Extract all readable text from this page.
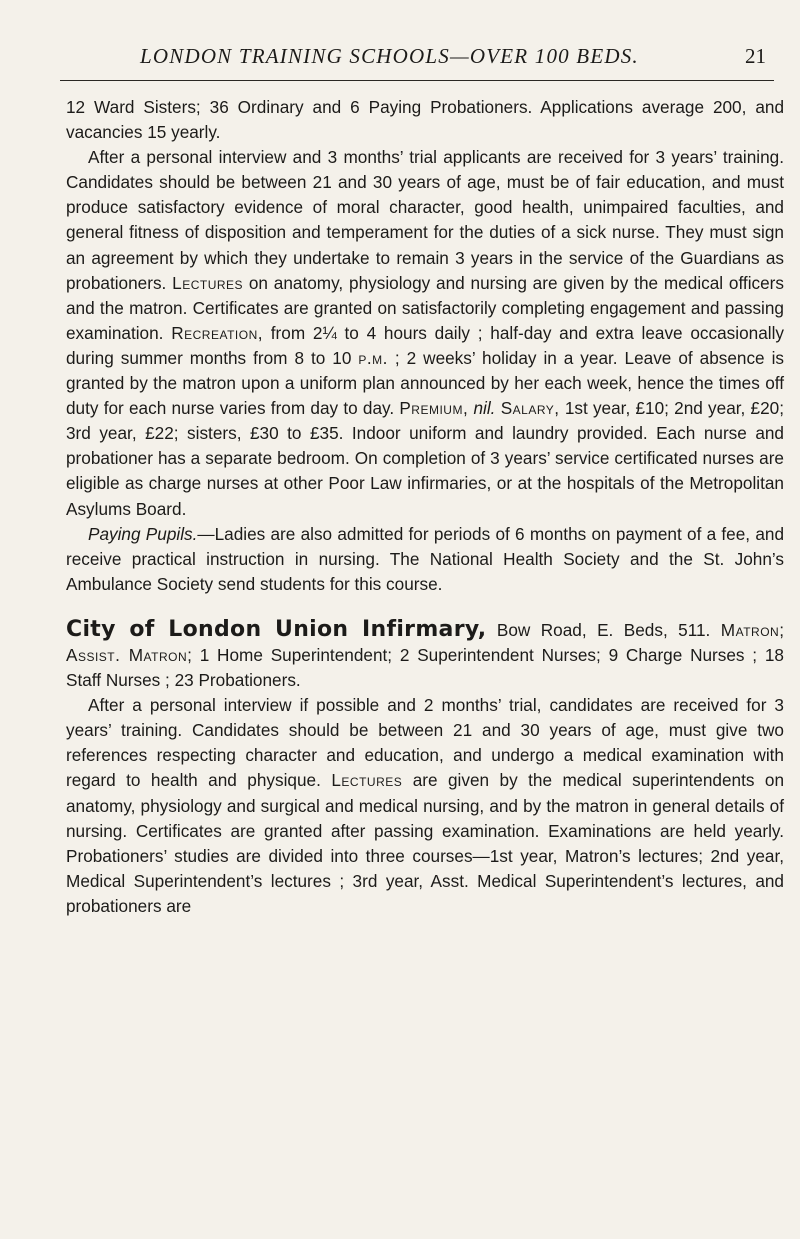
LONDON TRAINING SCHOOLS—OVER 100 BEDS.	21

12 Ward Sisters; 36 Ordinary and 6 Paying Probationers. Applications average 200, and vacancies 15 yearly.

After a personal interview and 3 months’ trial applicants are received for 3 years’ training. Candidates should be between 21 and 30 years of age, must be of fair education, and must produce satisfactory evidence of moral character, good health, unimpaired faculties, and general fitness of disposition and temperament for the duties of a sick nurse. They must sign an agreement by which they undertake to remain 3 years in the service of the Guardians as probationers. Lectures on anatomy, physiology and nursing are given by the medical officers and the matron. Certificates are granted on satisfactorily completing engagement and passing examination. Recreation, from 2¼ to 4 hours daily ; half-day and extra leave occasionally during summer months from 8 to 10 p.m. ; 2 weeks’ holiday in a year. Leave of absence is granted by the matron upon a uniform plan announced by her each week, hence the times off duty for each nurse varies from day to day. Premium, nil. Salary, 1st year, £10; 2nd year, £20; 3rd year, £22; sisters, £30 to £35. Indoor uniform and laundry provided. Each nurse and probationer has a separate bedroom. On completion of 3 years’ service certificated nurses are eligible as charge nurses at other Poor Law infirmaries, or at the hospitals of the Metropolitan Asylums Board.

Paying Pupils.—Ladies are also admitted for periods of 6 months on payment of a fee, and receive practical instruction in nursing. The National Health Society and the St. John’s Ambulance Society send students for this course.

City of London Union Infirmary, Bow Road, E. Beds, 511. Matron; Assist. Matron; 1 Home Superintendent; 2 Superintendent Nurses; 9 Charge Nurses ; 18 Staff Nurses ; 23 Probationers.

After a personal interview if possible and 2 months’ trial, candidates are received for 3 years’ training. Candidates should be between 21 and 30 years of age, must give two references respecting character and education, and undergo a medical examination with regard to health and physique. Lectures are given by the medical superintendents on anatomy, physiology and surgical and medical nursing, and by the matron in general details of nursing. Certificates are granted after passing examination. Examinations are held yearly. Probationers’ studies are divided into three courses—1st year, Matron’s lectures; 2nd year, Medical Superintendent’s lectures ; 3rd year, Asst. Medical Superintendent’s lectures, and probationers are
